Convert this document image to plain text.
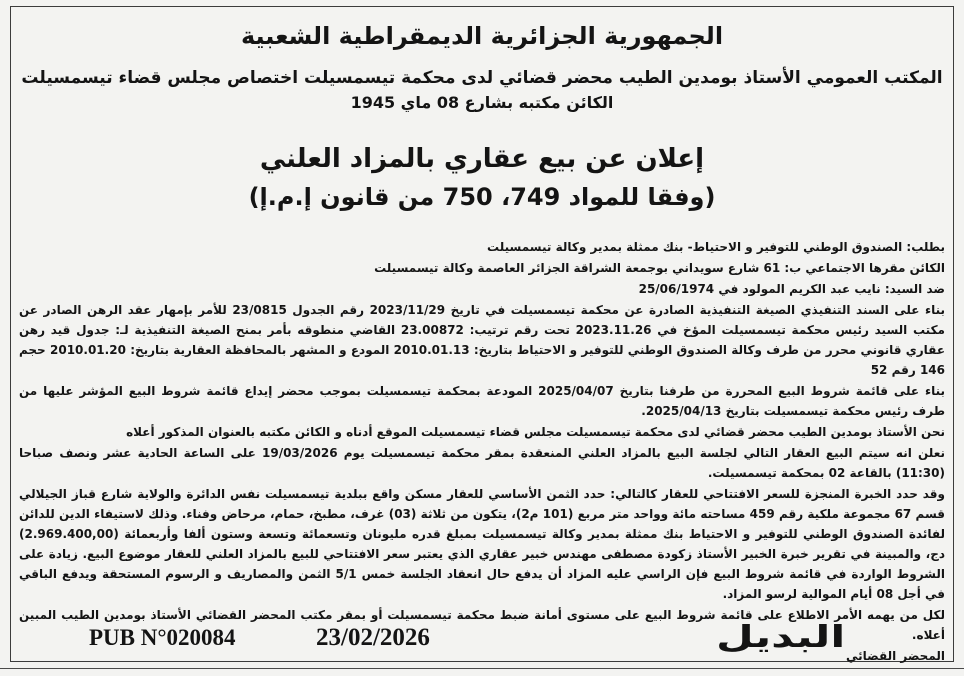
الجمهورية الجزائرية الديمقراطية الشعبية
المكتب العمومي الأستاذ بومدين الطيب محضر قضائي لدى محكمة تيسمسيلت اختصاص مجلس قضاء تيسمسيلت
الكائن مكتبه بشارع 08 ماي 1945
إعلان عن بيع عقاري بالمزاد العلني
(وفقا للمواد 749، 750 من قانون إ.م.إ)

بطلب: الصندوق الوطني للتوفير و الاحتياط- بنك ممثلة بمدير وكالة تيسمسيلت

الكائن مقرها الاجتماعي ب: 61 شارع سويداني بوجمعة الشراقة الجزائر العاصمة وكالة تيسمسيلت

ضد السيد: نايب عبد الكريم المولود في 25/06/1974

بناء على السند التنفيذي الصيغة التنفيذية الصادرة عن محكمة تيسمسيلت في تاريخ 2023/11/29 رقم الجدول 23/0815 للأمر بإمهار عقد الرهن الصادر عن مكتب السيد رئيس محكمة تيسمسيلت المؤخ في 2023.11.26 تحت رقم ترتيب: 23.00872 القاضي منطوقه بأمر بمنح الصيغة التنفيذية لـ: جدول قيد رهن عقاري قانوني محرر من طرف وكالة الصندوق الوطني للتوفير و الاحتياط بتاريخ: 2010.01.13 المودع و المشهر بالمحافظة العقارية بتاريخ: 2010.01.20 حجم 146 رقم 52

بناء على قائمة شروط البيع المحررة من طرفنا بتاريخ 2025/04/07 المودعة بمحكمة تيسمسيلت بموجب محضر إيداع قائمة شروط البيع المؤشر عليها من طرف رئيس محكمة تيسمسيلت بتاريخ 2025/04/13.

نحن الأستاذ بومدين الطيب محضر قضائي لدى محكمة تيسمسيلت مجلس قضاء تيسمسيلت الموقع أدناه و الكائن مكتبه بالعنوان المذكور أعلاه

نعلن انه سيتم البيع العقار التالي لجلسة البيع بالمزاد العلني المنعقدة بمقر محكمة تيسمسيلت يوم 19/03/2026 على الساعة الحادية عشر ونصف صباحا (11:30) بالقاعة 02 بمحكمة تيسمسيلت.

وقد حدد الخبرة المنجزة للسعر الافتتاحي للعقار كالتالي: حدد الثمن الأساسي للعقار مسكن واقع ببلدية تيسمسيلت نفس الدائرة والولاية شارع قباز الجيلالي قسم 67 مجموعة ملكية رقم 459 مساحته مائة وواحد متر مربع (101 م2)، يتكون من ثلاثة (03) غرف، مطبخ، حمام، مرحاض وفناء. وذلك لاستيفاء الدين للدائن لفائدة الصندوق الوطني للتوفير و الاحتياط بنك ممثلة بمدير وكالة تيسمسيلت بمبلغ قدره مليونان وتسعمائة وتسعة وستون ألفا وأربعمائة (2.969.400,00) دج، والمبينة في تقرير خبرة الخبير الأستاذ زكودة مصطفى مهندس خبير عقاري الذي يعتبر سعر الافتتاحي للبيع بالمزاد العلني للعقار موضوع البيع. زيادة على الشروط الواردة في قائمة شروط البيع فإن الراسي عليه المزاد أن يدفع حال انعقاد الجلسة خمس 5/1 الثمن والمصاريف و الرسوم المستحقة ويدفع الباقي في أجل 08 أيام الموالية لرسو المزاد.

لكل من يهمه الأمر الاطلاع على قائمة شروط البيع على مستوى أمانة ضبط محكمة تيسمسيلت أو بمقر مكتب المحضر القضائي الأستاذ بومدين الطيب المبين أعلاه.

المحضر القضائي

PUB N°020084	23/02/2026	البديل
